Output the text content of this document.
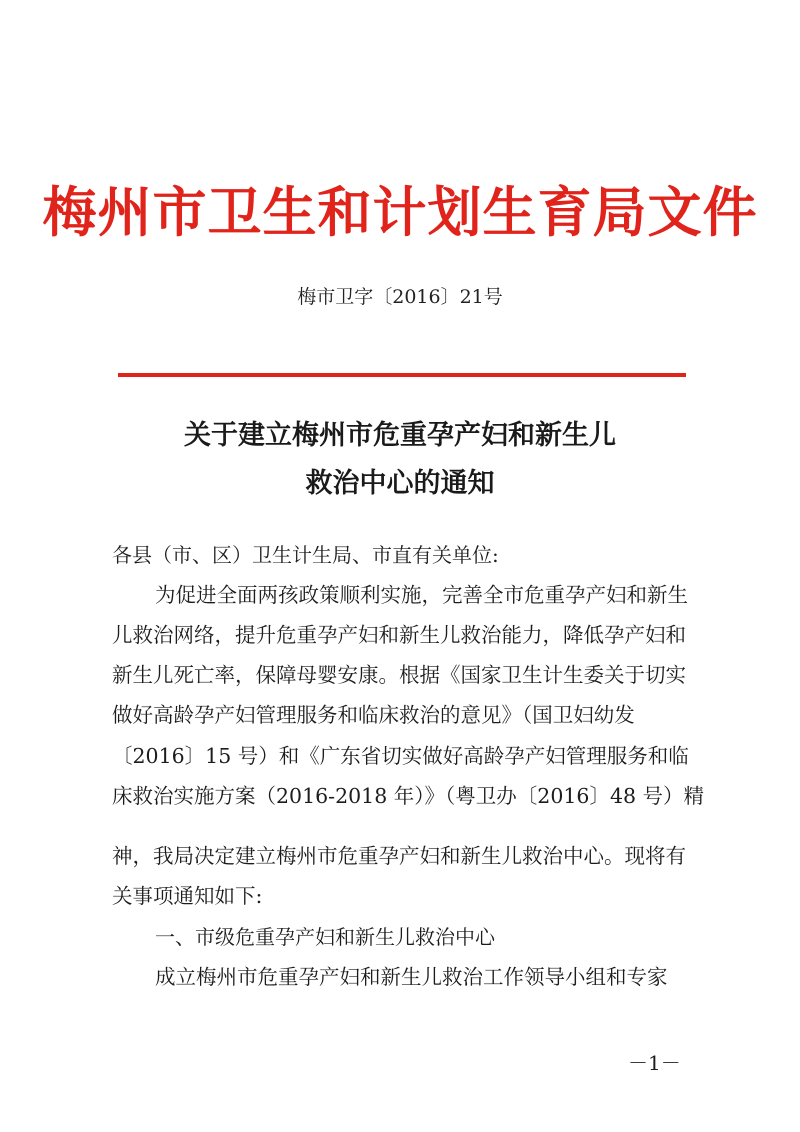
梅州市卫生和计划生育局文件
梅市卫字〔2016〕21号
关于建立梅州市危重孕产妇和新生儿
救治中心的通知
各县（市、区）卫生计生局、市直有关单位:
为促进全面两孩政策顺利实施，完善全市危重孕产妇和新生
儿救治网络，提升危重孕产妇和新生儿救治能力，降低孕产妇和
新生儿死亡率，保障母婴安康。根据《国家卫生计生委关于切实
做好高龄孕产妇管理服务和临床救治的意见》（国卫妇幼发
〔2016〕15 号）和《广东省切实做好高龄孕产妇管理服务和临
床救治实施方案（2016-2018 年）》（粤卫办〔2016〕48 号）精
神，我局决定建立梅州市危重孕产妇和新生儿救治中心。现将有
关事项通知如下:
一、市级危重孕产妇和新生儿救治中心
成立梅州市危重孕产妇和新生儿救治工作领导小组和专家
－1－
